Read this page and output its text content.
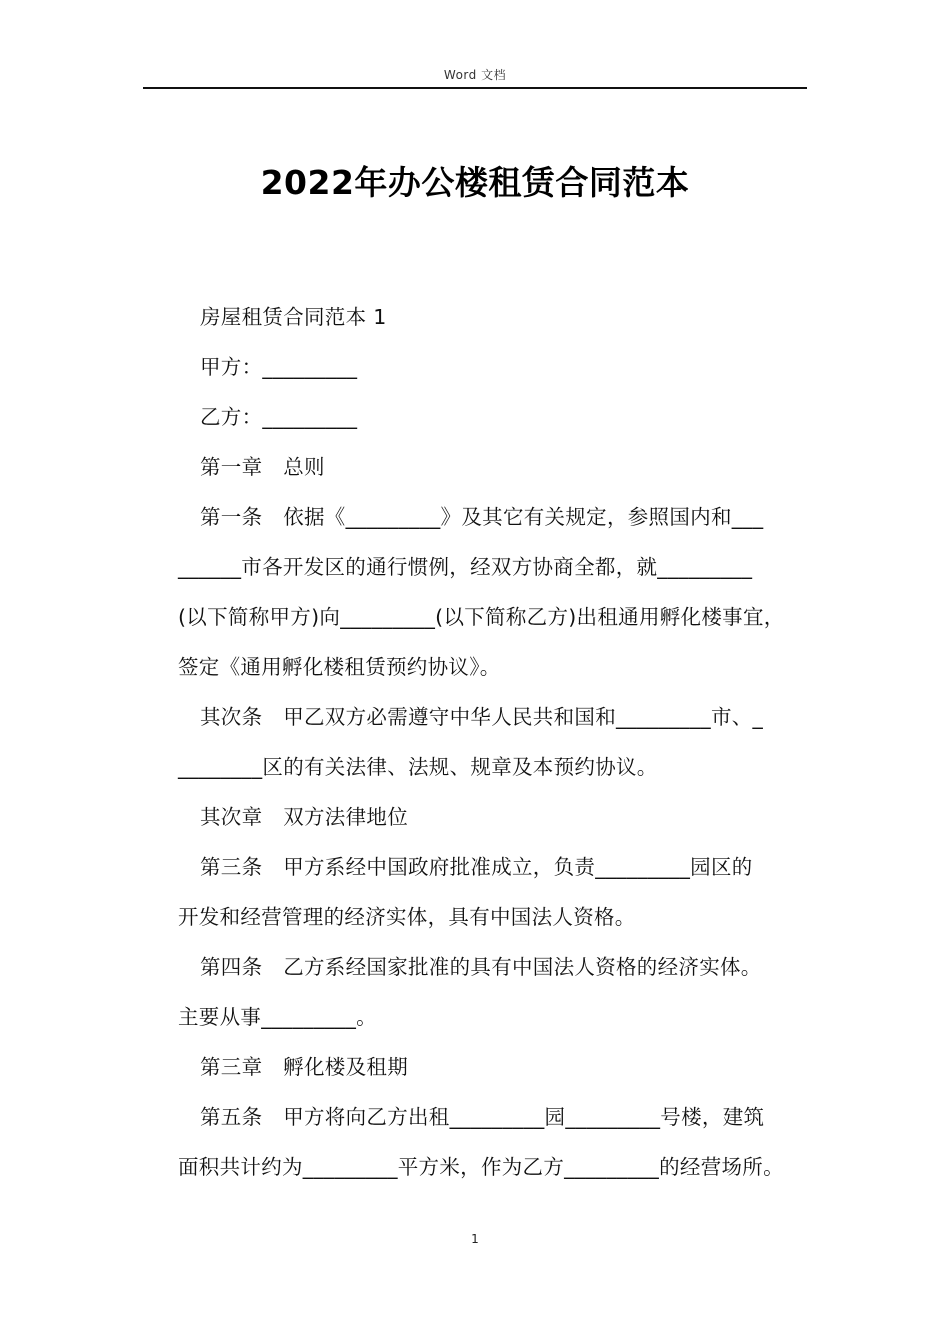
Word 文档
2022年办公楼租赁合同范本
房屋租赁合同范本 1
甲方：_________
乙方：_________
第一章　总则
第一条　依据《_________》及其它有关规定，参照国内和___
______市各开发区的通行惯例，经双方协商全都，就_________
(以下简称甲方)向_________(以下简称乙方)出租通用孵化楼事宜，
签定《通用孵化楼租赁预约协议》。
其次条　甲乙双方必需遵守中华人民共和国和_________市、_
________区的有关法律、法规、规章及本预约协议。
其次章　双方法律地位
第三条　甲方系经中国政府批准成立，负责_________园区的
开发和经营管理的经济实体，具有中国法人资格。
第四条　乙方系经国家批准的具有中国法人资格的经济实体。
主要从事_________。
第三章　孵化楼及租期
第五条　甲方将向乙方出租_________园_________号楼，建筑
面积共计约为_________平方米，作为乙方_________的经营场所。
1
